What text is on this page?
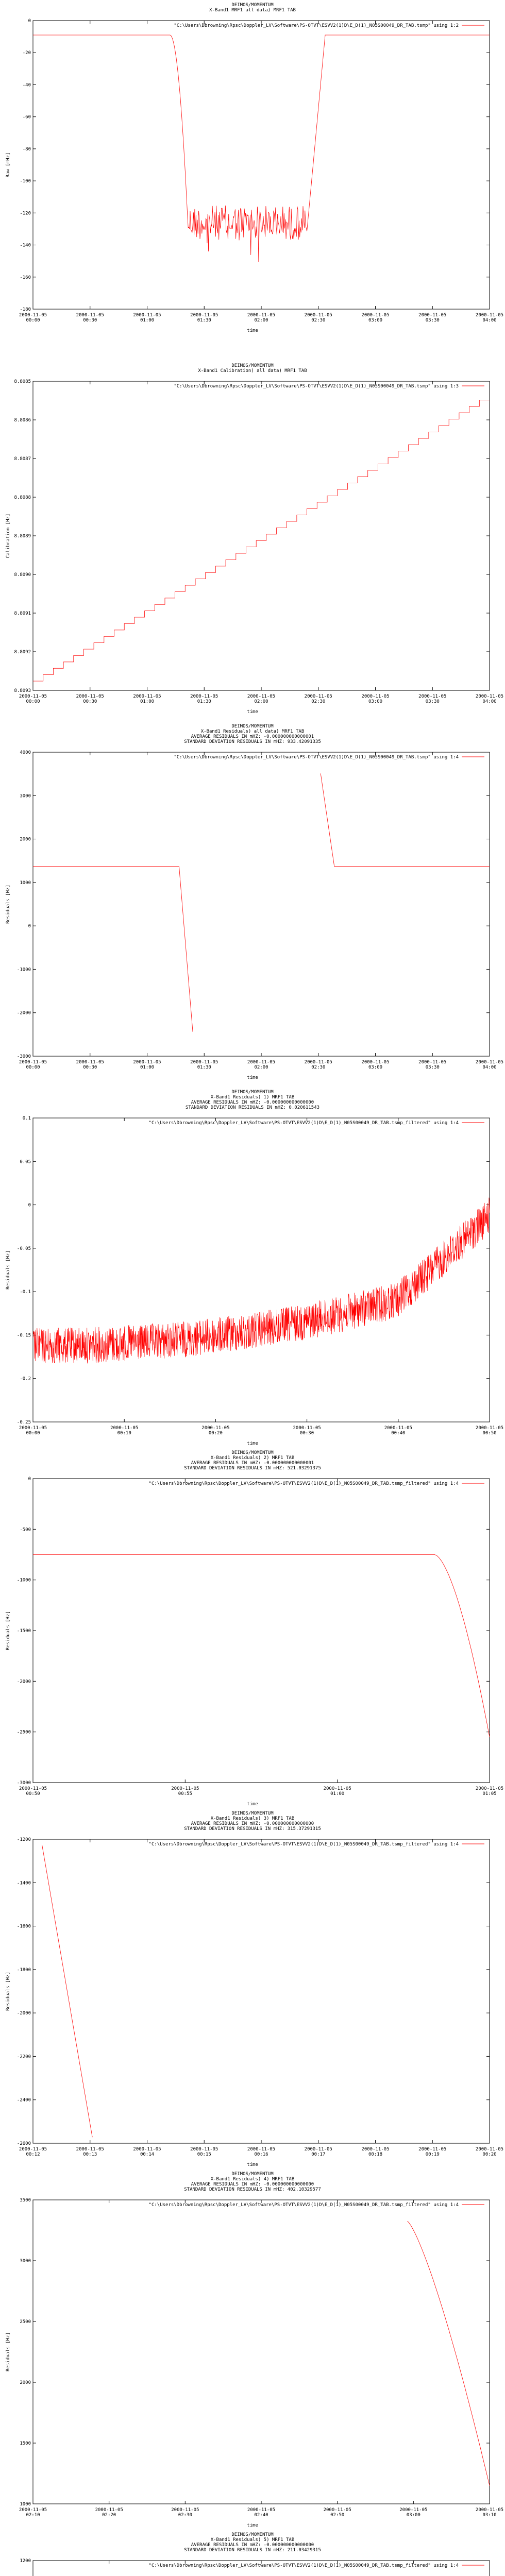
DEIMOS/MOMENTUM
X-Band1 MRF1 all data) MRF1 TAB
"C:\Users\Dbrowning\Rpsc\Doppler_LV\Software\PS-OTVT\ESVV2(1)D\E_D(1)_N05S00049_DR_TAB.tsmp" using 1:2
0
-20
-40
-60
-80
-100
-120
-140
-160
-180
2000-11-05
00:00
2000-11-05
00:30
2000-11-05
01:00
2000-11-05
01:30
2000-11-05
02:00
2000-11-05
02:30
2000-11-05
03:00
2000-11-05
03:30
2000-11-05
04:00
time
Raw [mHz]
DEIMOS/MOMENTUM
X-Band1 Calibration) all data) MRF1 TAB
"C:\Users\Dbrowning\Rpsc\Doppler_LV\Software\PS-OTVT\ESVV2(1)D\E_D(1)_N05S00049_DR_TAB.tsmp" using 1:3
8.8085
8.8086
8.8087
8.8088
8.8089
8.8090
8.8091
8.8092
8.8093
2000-11-05
00:00
2000-11-05
00:30
2000-11-05
01:00
2000-11-05
01:30
2000-11-05
02:00
2000-11-05
02:30
2000-11-05
03:00
2000-11-05
03:30
2000-11-05
04:00
time
Calibration [Hz]
DEIMOS/MOMENTUM
X-Band1 Residuals) all data) MRF1 TAB
AVERAGE RESIDUALS IN mHZ: -0.000000000000001
STANDARD DEVIATION RESIDUALS IN mHZ: 933.42091335
"C:\Users\Dbrowning\Rpsc\Doppler_LV\Software\PS-OTVT\ESVV2(1)D\E_D(1)_N05S00049_DR_TAB.tsmp" using 1:4
4000
3000
2000
1000
0
-1000
-2000
-3000
2000-11-05
00:00
2000-11-05
00:30
2000-11-05
01:00
2000-11-05
01:30
2000-11-05
02:00
2000-11-05
02:30
2000-11-05
03:00
2000-11-05
03:30
2000-11-05
04:00
time
Residuals [Hz]
DEIMOS/MOMENTUM
X-Band1 Residuals) 1) MRF1 TAB
AVERAGE RESIDUALS IN mHZ: -0.000000000000000
STANDARD DEVIATION RESIDUALS IN mHZ: 0.020611543
"C:\Users\Dbrowning\Rpsc\Doppler_LV\Software\PS-OTVT\ESVV2(1)D\E_D(1)_N05S00049_DR_TAB.tsmp_filtered" using 1:4
0.1
0.05
0
-0.05
-0.1
-0.15
-0.2
-0.25
2000-11-05
00:00
2000-11-05
00:10
2000-11-05
00:20
2000-11-05
00:30
2000-11-05
00:40
2000-11-05
00:50
time
Residuals [Hz]
DEIMOS/MOMENTUM
X-Band1 Residuals) 2) MRF1 TAB
AVERAGE RESIDUALS IN mHZ: -0.000000000000001
STANDARD DEVIATION RESIDUALS IN mHZ: 521.03291375
"C:\Users\Dbrowning\Rpsc\Doppler_LV\Software\PS-OTVT\ESVV2(1)D\E_D(1)_N05S00049_DR_TAB.tsmp_filtered" using 1:4
0
-500
-1000
-1500
-2000
-2500
-3000
2000-11-05
00:50
2000-11-05
00:55
2000-11-05
01:00
2000-11-05
01:05
time
Residuals [Hz]
DEIMOS/MOMENTUM
X-Band1 Residuals) 3) MRF1 TAB
AVERAGE RESIDUALS IN mHZ: -0.000000000000000
STANDARD DEVIATION RESIDUALS IN mHZ: 315.37291315
"C:\Users\Dbrowning\Rpsc\Doppler_LV\Software\PS-OTVT\ESVV2(1)D\E_D(1)_N05S00049_DR_TAB.tsmp_filtered" using 1:4
-1200
-1400
-1600
-1800
-2000
-2200
-2400
-2600
2000-11-05
00:12
2000-11-05
00:13
2000-11-05
00:14
2000-11-05
00:15
2000-11-05
00:16
2000-11-05
00:17
2000-11-05
00:18
2000-11-05
00:19
2000-11-05
00:20
time
Residuals [Hz]
DEIMOS/MOMENTUM
X-Band1 Residuals) 4) MRF1 TAB
AVERAGE RESIDUALS IN mHZ: -0.000000000000000
STANDARD DEVIATION RESIDUALS IN mHZ: 402.10329577
"C:\Users\Dbrowning\Rpsc\Doppler_LV\Software\PS-OTVT\ESVV2(1)D\E_D(1)_N05S00049_DR_TAB.tsmp_filtered" using 1:4
3500
3000
2500
2000
1500
1000
2000-11-05
02:10
2000-11-05
02:20
2000-11-05
02:30
2000-11-05
02:40
2000-11-05
02:50
2000-11-05
03:00
2000-11-05
03:10
time
Residuals [Hz]
DEIMOS/MOMENTUM
X-Band1 Residuals) 5) MRF1 TAB
AVERAGE RESIDUALS IN mHZ: -0.000000000000000
STANDARD DEVIATION RESIDUALS IN mHZ: 211.03429315
"C:\Users\Dbrowning\Rpsc\Doppler_LV\Software\PS-OTVT\ESVV2(1)D\E_D(1)_N05S00049_DR_TAB.tsmp_filtered" using 1:4
1200
